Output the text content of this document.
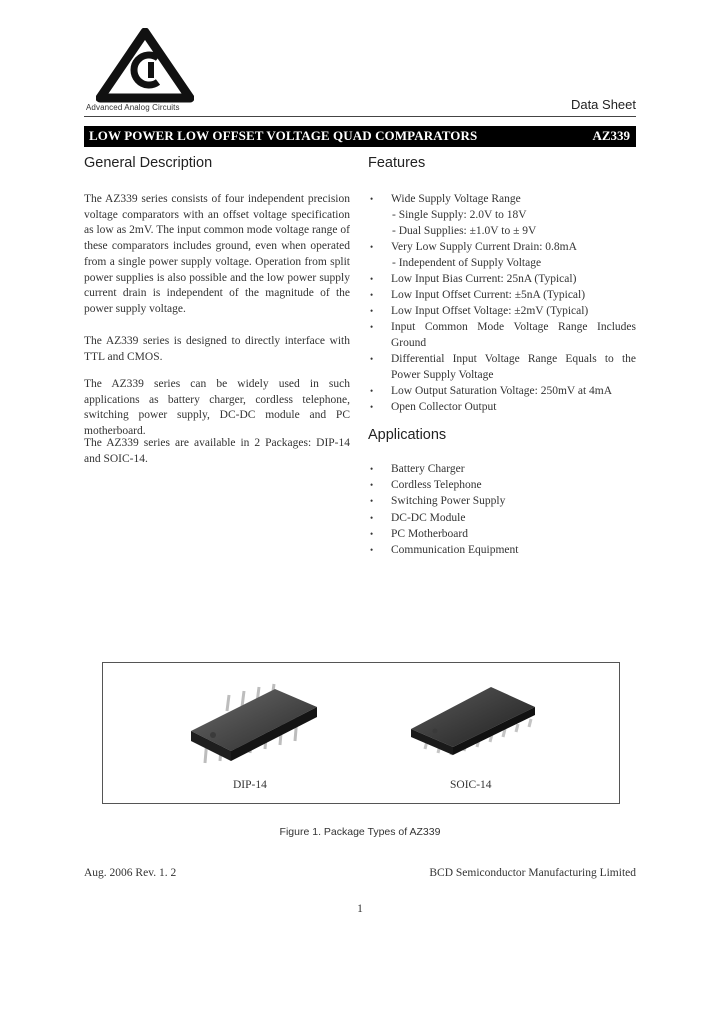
Advanced Analog Circuits	Data Sheet
LOW POWER LOW OFFSET VOLTAGE QUAD COMPARATORS	AZ339
General Description

The AZ339 series consists of four independent precision voltage comparators with an offset voltage specification as low as 2mV. The input common mode voltage range of these comparators includes ground, even when operated from a single power supply voltage. Operation from split power supplies is also possible and the low power supply current drain is independent of the magnitude of the power supply voltage.

The AZ339 series is designed to directly interface with TTL and CMOS.

The AZ339 series can be widely used in such applications as battery charger, cordless telephone, switching power supply, DC-DC module and PC motherboard.

The AZ339 series are available in 2 Packages: DIP-14 and SOIC-14.

Features
• Wide Supply Voltage Range
- Single Supply: 2.0V to 18V
- Dual Supplies: ±1.0V to ± 9V
• Very Low Supply Current Drain: 0.8mA
- Independent of Supply Voltage
• Low Input Bias Current: 25nA (Typical)
• Low Input Offset Current: ±5nA (Typical)
• Low Input Offset Voltage: ±2mV (Typical)
• Input Common Mode Voltage Range Includes Ground
• Differential Input Voltage Range Equals to the Power Supply Voltage
• Low Output Saturation Voltage: 250mV at 4mA
• Open Collector Output
Applications
• Battery Charger
• Cordless Telephone
• Switching Power Supply
• DC-DC Module
• PC Motherboard
• Communication Equipment
DIP-14	SOIC-14
Figure 1. Package Types of AZ339
Aug. 2006 Rev. 1. 2	BCD Semiconductor Manufacturing Limited
1
